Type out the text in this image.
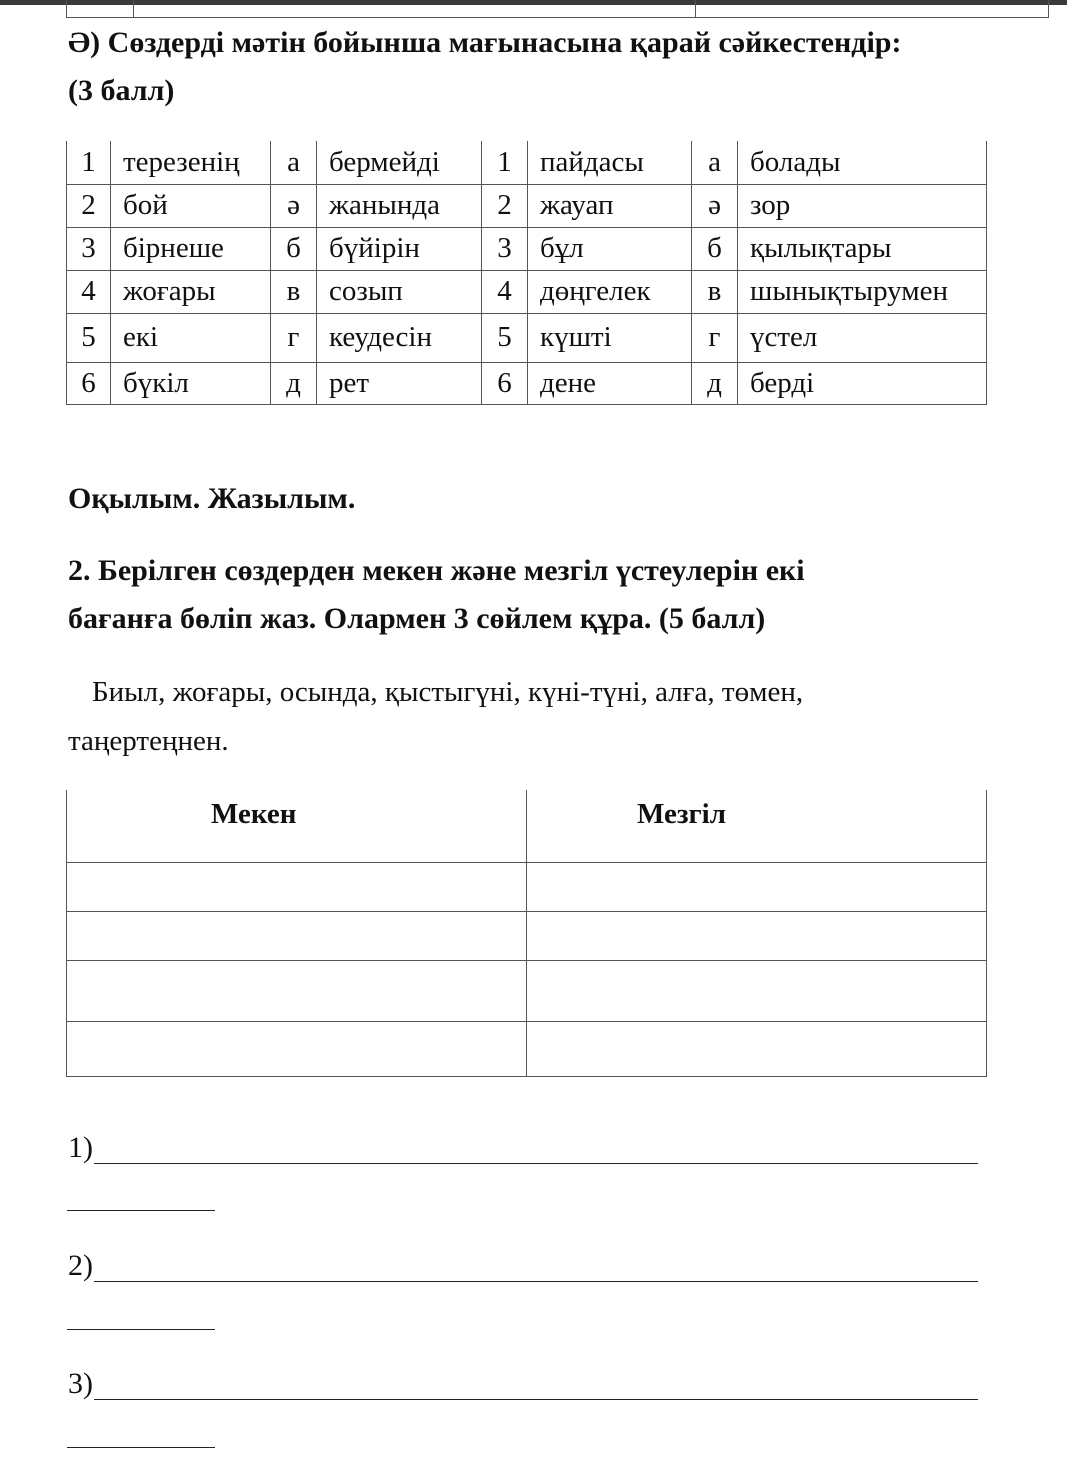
Ә) Сөздерді мәтін бойынша мағынасына қарай сәйкестендір:
(3 балл)
1	терезенің	а	бермейді	1	пайдасы	а	болады
2	бой	ә	жанында	2	жауап	ә	зор
3	бірнеше	б	бүйірін	3	бұл	б	қылықтары
4	жоғары	в	созып	4	дөңгелек	в	шынықтырумен
5	екі	г	кеудесін	5	күшті	г	үстел
6	бүкіл	д	рет	6	дене	д	берді
Оқылым. Жазылым.
2. Берілген сөздерден мекен және мезгіл үстеулерін екі
бағанға бөліп жаз. Олармен 3 сөйлем құра. (5 балл)
Биыл, жоғары, осында, қыстыгүні, күні-түні, алға, төмен,
таңертеңнен.
Мекен	Мезгіл

1)
2)
3)
